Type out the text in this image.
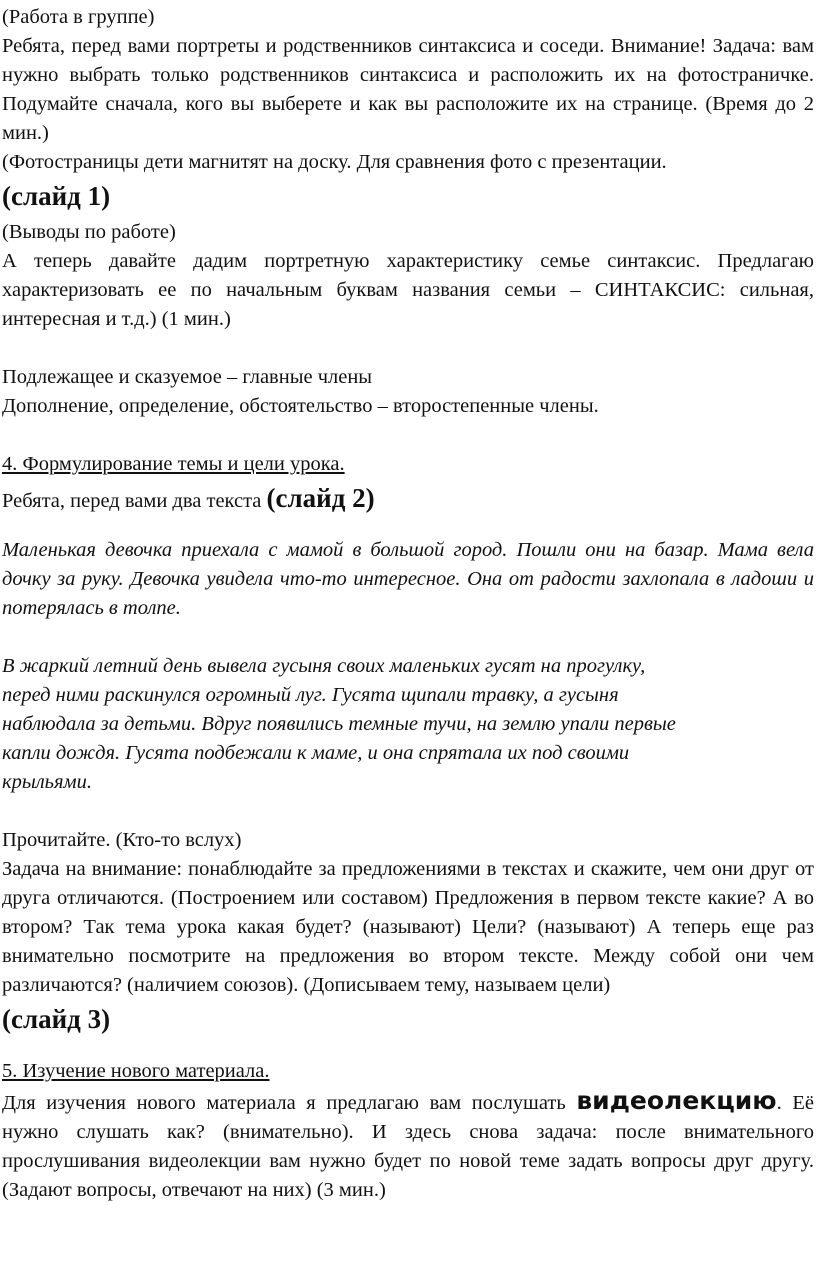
(Работа в группе)

Ребята, перед вами портреты и родственников синтаксиса и соседи. Внимание! Задача: вам нужно выбрать только родственников синтаксиса и расположить их на фотостраничке. Подумайте сначала, кого вы выберете и как вы расположите их на странице. (Время до 2 мин.)

(Фотостраницы дети магнитят на доску. Для сравнения фото с презентации.

(слайд 1)

(Выводы по работе)

А теперь давайте дадим портретную характеристику семье синтаксис. Предлагаю характеризовать ее по начальным буквам названия семьи – СИНТАКСИС: сильная, интересная и т.д.) (1 мин.)

Подлежащее и сказуемое – главные члены

Дополнение, определение, обстоятельство – второстепенные члены.

4. Формулирование темы и цели урока.

Ребята, перед вами два текста (слайд 2)

Маленькая девочка приехала с мамой в большой город. Пошли они на базар. Мама вела дочку за руку. Девочка увидела что-то интересное. Она от радости захлопала в ладоши и потерялась в толпе.

В жаркий летний день вывела гусыня своих маленьких гусят на прогулку,
перед ними раскинулся огромный луг. Гусята щипали травку, а гусыня
наблюдала за детьми. Вдруг появились темные тучи, на землю упали первые
капли дождя. Гусята подбежали к маме, и она спрятала их под своими
крыльями.

Прочитайте. (Кто-то вслух)

Задача на внимание: понаблюдайте за предложениями в текстах и скажите, чем они друг от друга отличаются. (Построением или составом) Предложения в первом тексте какие? А во втором? Так тема урока какая будет? (называют) Цели? (называют) А теперь еще раз внимательно посмотрите на предложения во втором тексте. Между собой они чем различаются? (наличием союзов). (Дописываем тему, называем цели)

(слайд 3)

5. Изучение нового материала.

Для изучения нового материала я предлагаю вам послушать видеолекцию. Её нужно слушать как? (внимательно). И здесь снова задача: после внимательного прослушивания видеолекции вам нужно будет по новой теме задать вопросы друг другу. (Задают вопросы, отвечают на них) (3 мин.)
